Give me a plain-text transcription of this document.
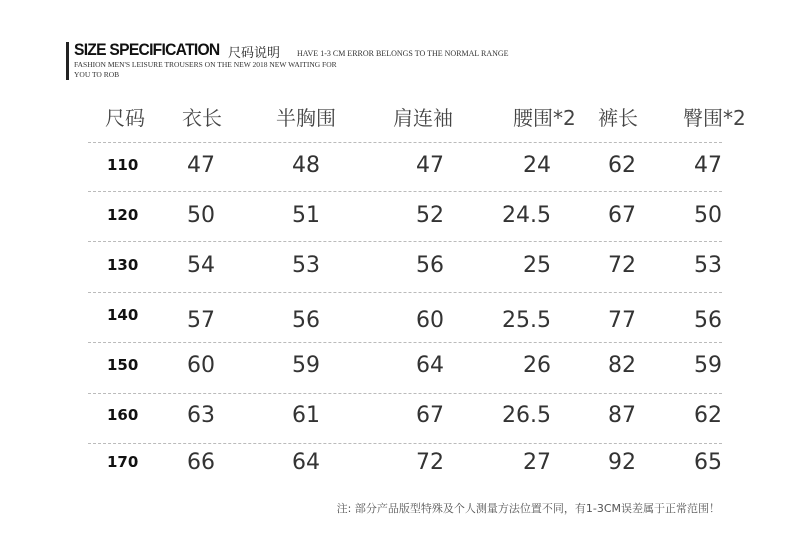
SIZE SPECIFICATION 尺码说明 HAVE 1-3 CM ERROR BELONGS TO THE NORMAL RANGE
FASHION MEN'S LEISURE TROUSERS ON THE NEW 2018 NEW WAITING FOR
YOU TO ROB
尺码 衣长	半胸围	肩连袖	腰围*2 裤长 臀围*2
110	47	48	47	24	62	47
120	50	51	52	24.5	67	50
130	54	53	56	25	72	53
140	57	56	60	25.5	77	56
150	60	59	64	26	82	59
160	63	61	67	26.5	87	62
170	66	64	72	27	92	65
注: 部分产品版型特殊及个人测量方法位置不同，有1-3CM误差属于正常范围！
